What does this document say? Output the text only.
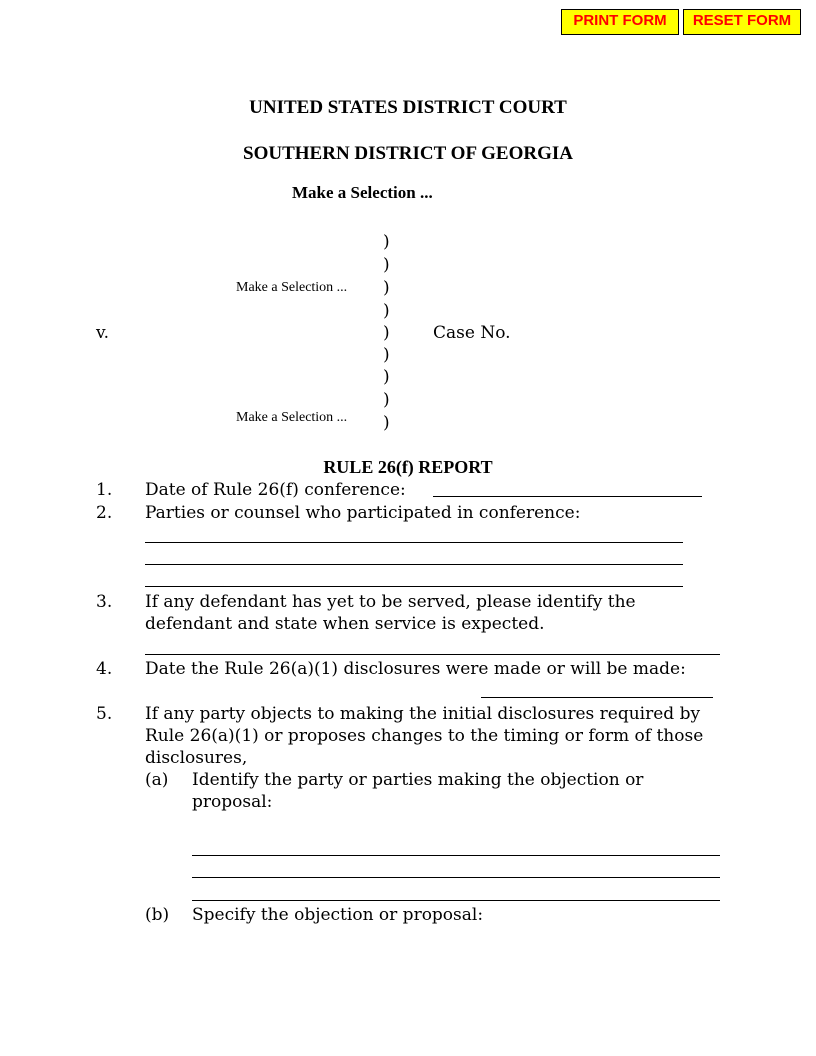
PRINT FORM	RESET FORM
UNITED STATES DISTRICT COURT
SOUTHERN DISTRICT OF GEORGIA
Make a Selection ...
)
)
)
)
)
)
)
)
)
Make a Selection ...
v.	Case No.
Make a Selection ...
RULE 26(f) REPORT
1. Date of Rule 26(f) conference:
2. Parties or counsel who participated in conference:
3. If any defendant has yet to be served, please identify the
defendant and state when service is expected.
4. Date the Rule 26(a)(1) disclosures were made or will be made:
5. If any party objects to making the initial disclosures required by
Rule 26(a)(1) or proposes changes to the timing or form of those
disclosures,
(a) Identify the party or parties making the objection or
proposal:
(b) Specify the objection or proposal:
